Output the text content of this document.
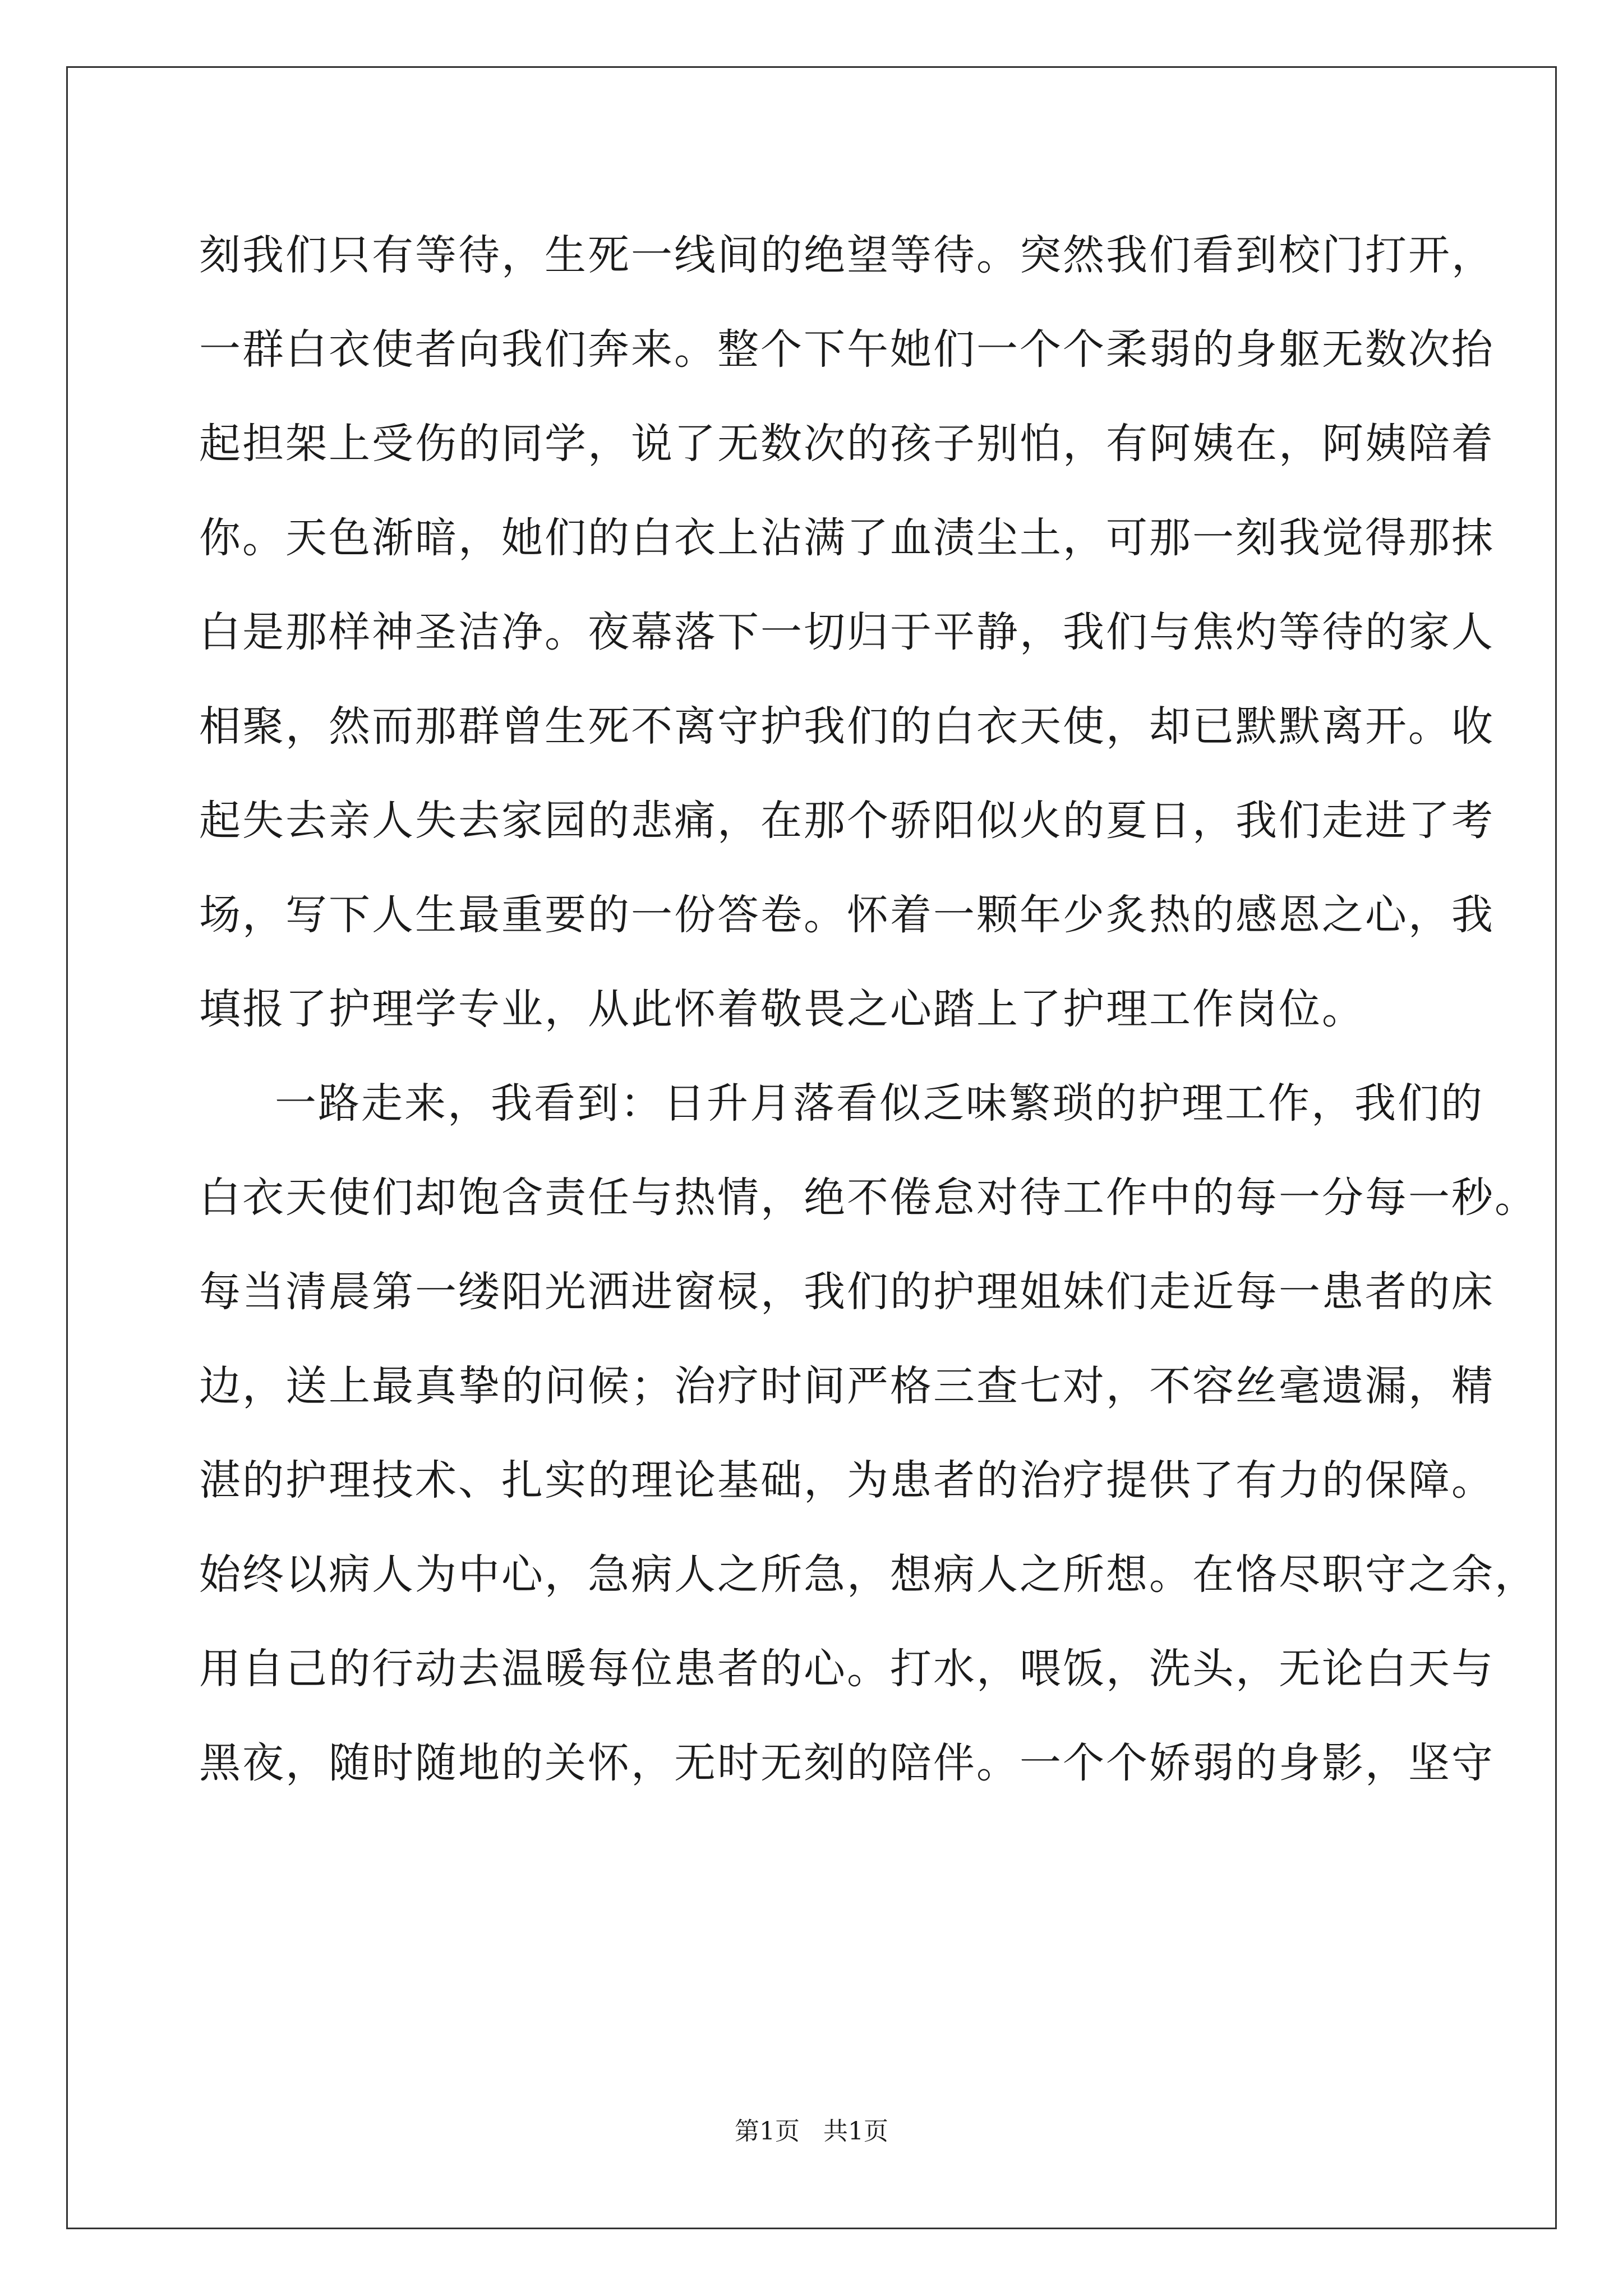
刻我们只有等待，生死一线间的绝望等待。突然我们看到校门打开，
一群白衣使者向我们奔来。整个下午她们一个个柔弱的身躯无数次抬
起担架上受伤的同学，说了无数次的孩子别怕，有阿姨在，阿姨陪着
你。天色渐暗，她们的白衣上沾满了血渍尘土，可那一刻我觉得那抹
白是那样神圣洁净。夜幕落下一切归于平静，我们与焦灼等待的家人
相聚，然而那群曾生死不离守护我们的白衣天使，却已默默离开。收
起失去亲人失去家园的悲痛，在那个骄阳似火的夏日，我们走进了考
场，写下人生最重要的一份答卷。怀着一颗年少炙热的感恩之心，我
填报了护理学专业，从此怀着敬畏之心踏上了护理工作岗位。
一路走来，我看到：日升月落看似乏味繁琐的护理工作，我们的
白衣天使们却饱含责任与热情，绝不倦怠对待工作中的每一分每一秒。
每当清晨第一缕阳光洒进窗棂，我们的护理姐妹们走近每一患者的床
边，送上最真挚的问候；治疗时间严格三查七对，不容丝毫遗漏，精
湛的护理技术、扎实的理论基础，为患者的治疗提供了有力的保障。
始终以病人为中心，急病人之所急，想病人之所想。在恪尽职守之余，
用自己的行动去温暖每位患者的心。打水，喂饭，洗头，无论白天与
黑夜，随时随地的关怀，无时无刻的陪伴。一个个娇弱的身影，坚守
第1页   共1页
